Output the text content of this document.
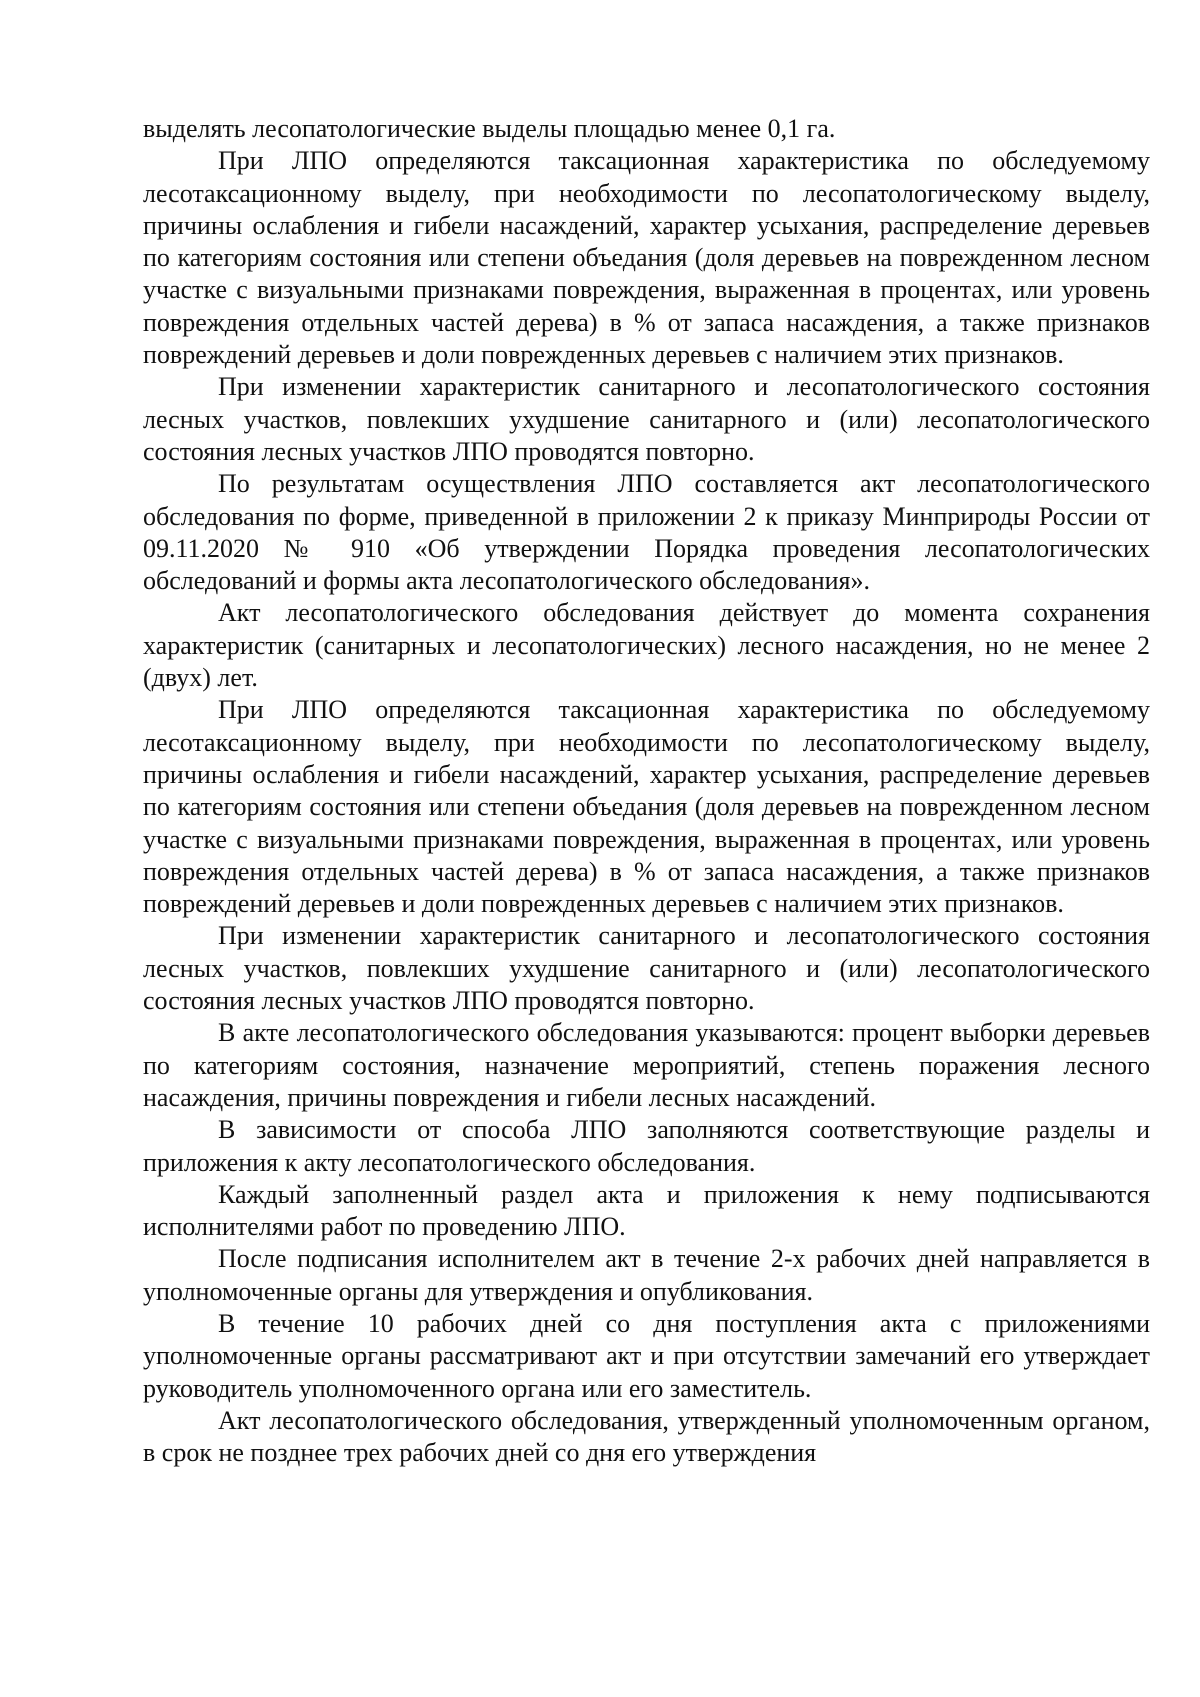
выделять лесопатологические выделы площадью менее 0,1 га.

При ЛПО определяются таксационная характеристика по обследуемому лесотаксационному выделу, при необходимости по лесопатологическому выделу, причины ослабления и гибели насаждений, характер усыхания, распределение деревьев по категориям состояния или степени объедания (доля деревьев на поврежденном лесном участке с визуальными признаками повреждения, выраженная в процентах, или уровень повреждения отдельных частей дерева) в % от запаса насаждения, а также признаков повреждений деревьев и доли поврежденных деревьев с наличием этих признаков.

При изменении характеристик санитарного и лесопатологического состояния лесных участков, повлекших ухудшение санитарного и (или) лесопатологического состояния лесных участков ЛПО проводятся повторно.

По результатам осуществления ЛПО составляется акт лесопатологического обследования по форме, приведенной в приложении 2 к приказу Минприроды России от 09.11.2020 № 910 «Об утверждении Порядка проведения лесопатологических обследований и формы акта лесопатологического обследования».

Акт лесопатологического обследования действует до момента сохранения характеристик (санитарных и лесопатологических) лесного насаждения, но не менее 2 (двух) лет.

При ЛПО определяются таксационная характеристика по обследуемому лесотаксационному выделу, при необходимости по лесопатологическому выделу, причины ослабления и гибели насаждений, характер усыхания, распределение деревьев по категориям состояния или степени объедания (доля деревьев на поврежденном лесном участке с визуальными признаками повреждения, выраженная в процентах, или уровень повреждения отдельных частей дерева) в % от запаса насаждения, а также признаков повреждений деревьев и доли поврежденных деревьев с наличием этих признаков.

При изменении характеристик санитарного и лесопатологического состояния лесных участков, повлекших ухудшение санитарного и (или) лесопатологического состояния лесных участков ЛПО проводятся повторно.

В акте лесопатологического обследования указываются: процент выборки деревьев по категориям состояния, назначение мероприятий, степень поражения лесного насаждения, причины повреждения и гибели лесных насаждений.

В зависимости от способа ЛПО заполняются соответствующие разделы и приложения к акту лесопатологического обследования.

Каждый заполненный раздел акта и приложения к нему подписываются исполнителями работ по проведению ЛПО.

После подписания исполнителем акт в течение 2-х рабочих дней направляется в уполномоченные органы для утверждения и опубликования.

В течение 10 рабочих дней со дня поступления акта с приложениями уполномоченные органы рассматривают акт и при отсутствии замечаний его утверждает руководитель уполномоченного органа или его заместитель.

Акт лесопатологического обследования, утвержденный уполномоченным органом, в срок не позднее трех рабочих дней со дня его утверждения
